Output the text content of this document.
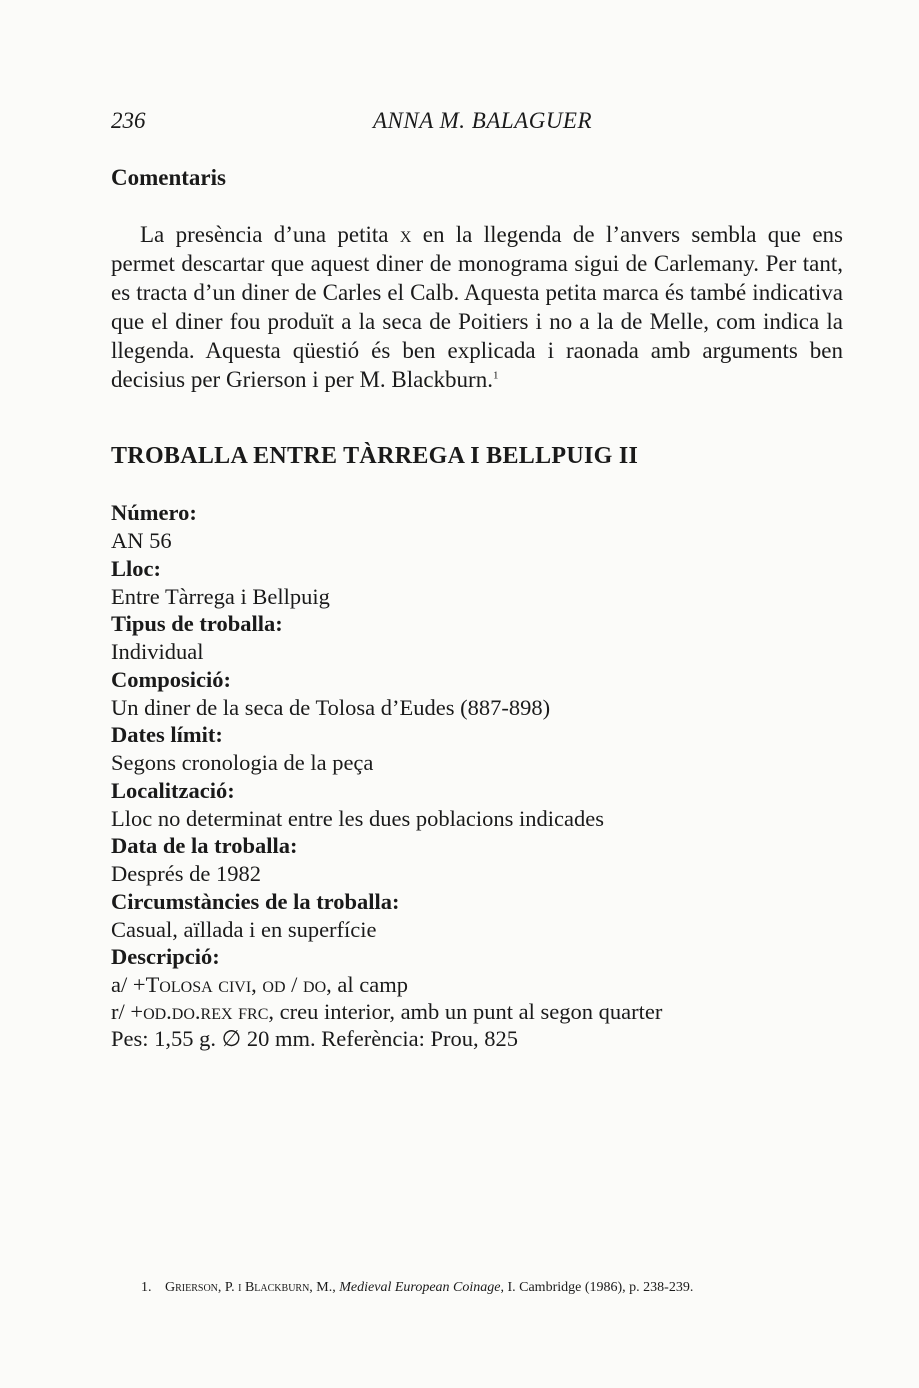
236	ANNA M. BALAGUER
Comentaris

La presència d’una petita x en la llegenda de l’anvers sembla que ens permet descartar que aquest diner de monograma sigui de Carlemany. Per tant, es tracta d’un diner de Carles el Calb. Aquesta petita marca és també indicativa que el diner fou produït a la seca de Poitiers i no a la de Melle, com indica la llegenda. Aquesta qüestió és ben explicada i raonada amb arguments ben decisius per Grierson i per M. Blackburn.$^1$

TROBALLA ENTRE TÀRREGA I BELLPUIG II
Número:
AN 56
Lloc:
Entre Tàrrega i Bellpuig
Tipus de troballa:
Individual
Composició:
Un diner de la seca de Tolosa d’Eudes (887-898)
Dates límit:
Segons cronologia de la peça
Localització:
Lloc no determinat entre les dues poblacions indicades
Data de la troballa:
Després de 1982
Circumstàncies de la troballa:
Casual, aïllada i en superfície
Descripció:
a/ +Tolosa civi, od / do, al camp
r/ +od.do.rex frc, creu interior, amb un punt al segon quarter
Pes: 1,55 g. ∅ 20 mm. Referència: Prou, 825
1. Grierson, P. i Blackburn, M., Medieval European Coinage, I. Cambridge (1986), p. 238-239.
